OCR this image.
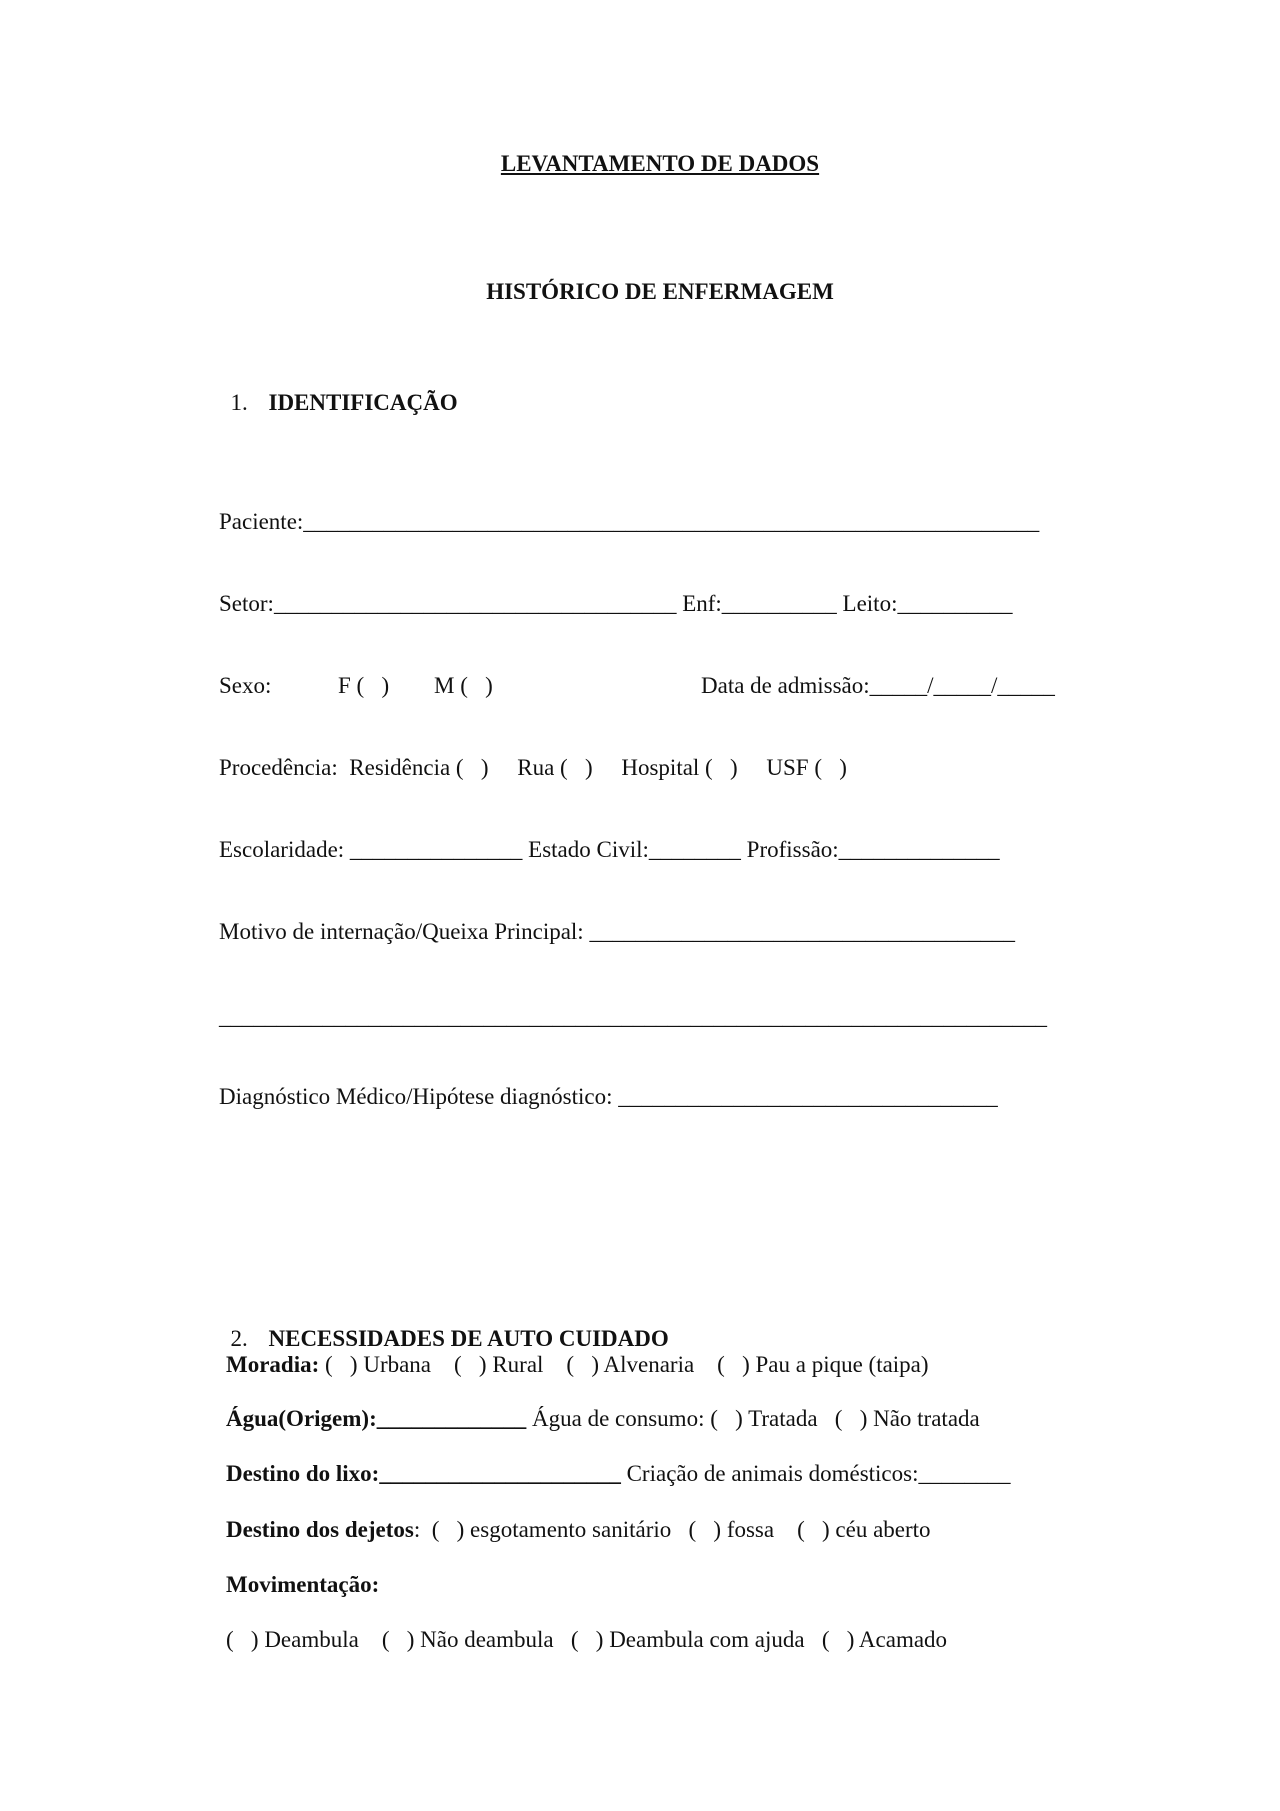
LEVANTAMENTO DE DADOS
HISTÓRICO DE ENFERMAGEM

1. IDENTIFICAÇÃO

Paciente:________________________________________________________________
Setor:___________________________________ Enf:__________ Leito:__________
Sexo:	F (   ) M (   )	Data de admissão:_____/_____/_____
Procedência:  Residência (   )     Rua (   )     Hospital (   )     USF (   )
Escolaridade: _______________ Estado Civil:________ Profissão:______________
Motivo de internação/Queixa Principal: _____________________________________
________________________________________________________________________
Diagnóstico Médico/Hipótese diagnóstico: _________________________________

2. NECESSIDADES DE AUTO CUIDADO

Moradia: (   ) Urbana    (   ) Rural    (   ) Alvenaria    (   ) Pau a pique (taipa)
Água(Origem):_____________ Água de consumo: (   ) Tratada   (   ) Não tratada
Destino do lixo:_____________________ Criação de animais domésticos:________
Destino dos dejetos:  (   ) esgotamento sanitário   (   ) fossa    (   ) céu aberto
Movimentação:
(   ) Deambula    (   ) Não deambula   (   ) Deambula com ajuda   (   ) Acamado
